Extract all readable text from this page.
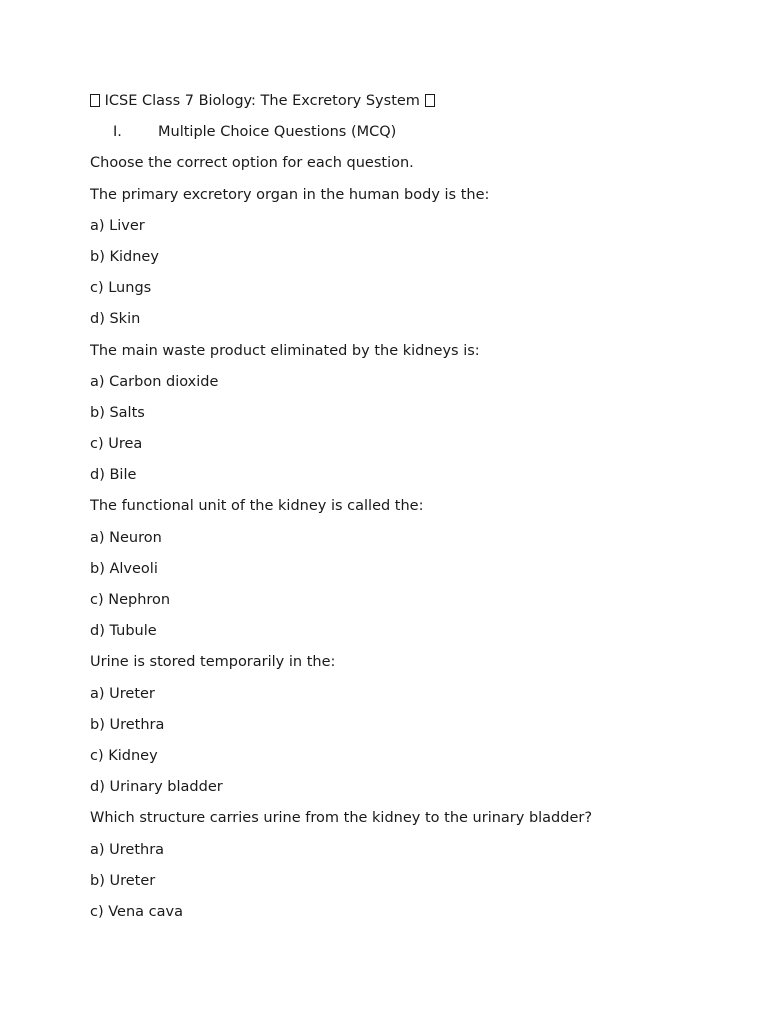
ICSE Class 7 Biology: The Excretory System
I. Multiple Choice Questions (MCQ)
Choose the correct option for each question.
The primary excretory organ in the human body is the:
a) Liver
b) Kidney
c) Lungs
d) Skin
The main waste product eliminated by the kidneys is:
a) Carbon dioxide
b) Salts
c) Urea
d) Bile
The functional unit of the kidney is called the:
a) Neuron
b) Alveoli
c) Nephron
d) Tubule
Urine is stored temporarily in the:
a) Ureter
b) Urethra
c) Kidney
d) Urinary bladder
Which structure carries urine from the kidney to the urinary bladder?
a) Urethra
b) Ureter
c) Vena cava
